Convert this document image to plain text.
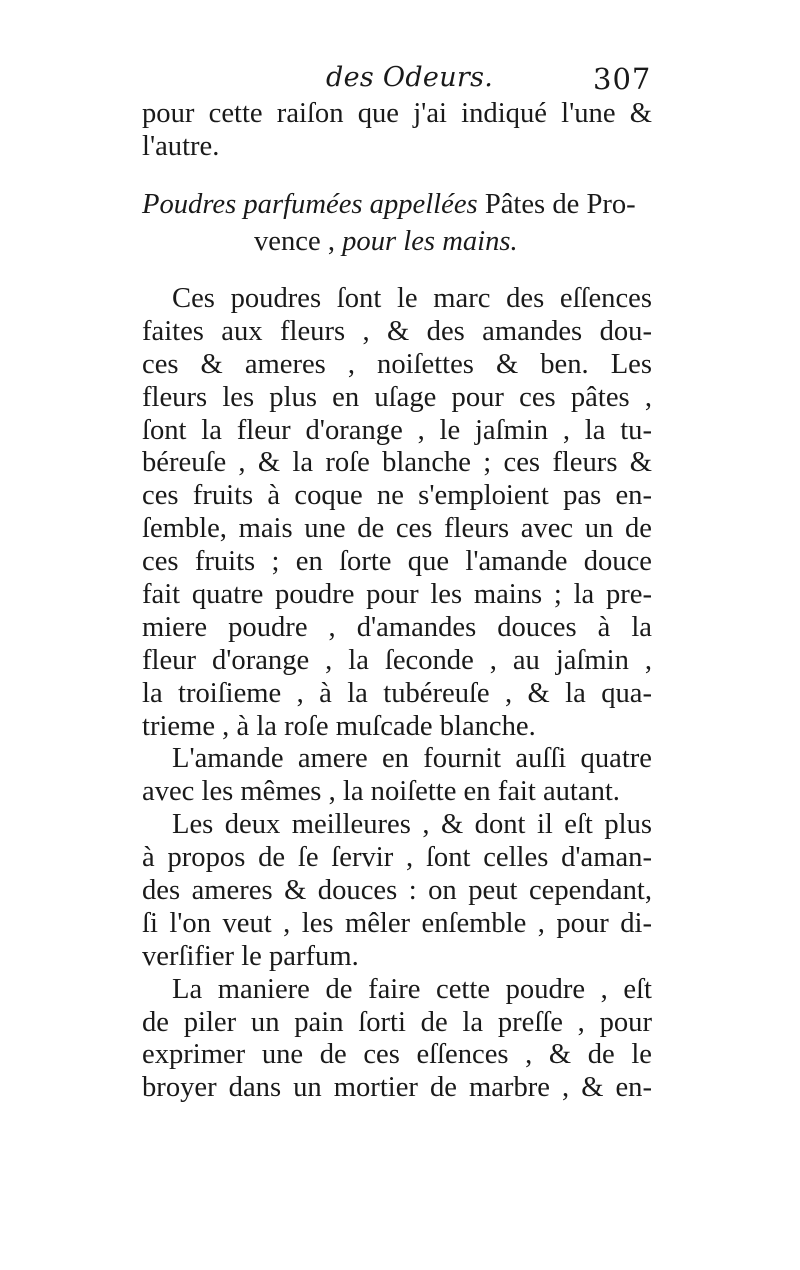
des Odeurs.	307
pour cette raiſon que j'ai indiqué l'une &
l'autre.
Poudres parfumées appellées Pâtes de Pro-
vence , pour les mains.
Ces poudres ſont le marc des eſſences
faites aux fleurs , & des amandes dou-
ces & ameres , noiſettes & ben. Les
fleurs les plus en uſage pour ces pâtes ,
ſont la fleur d'orange , le jaſmin , la tu-
béreuſe , & la roſe blanche ; ces fleurs &
ces fruits à coque ne s'emploient pas en-
ſemble, mais une de ces fleurs avec un de
ces fruits ; en ſorte que l'amande douce
fait quatre poudre pour les mains ; la pre-
miere poudre , d'amandes douces à la
fleur d'orange , la ſeconde , au jaſmin ,
la troiſieme , à la tubéreuſe , & la qua-
trieme , à la roſe muſcade blanche.
L'amande amere en fournit auſſi quatre
avec les mêmes , la noiſette en fait autant.
Les deux meilleures , & dont il eſt plus
à propos de ſe ſervir , ſont celles d'aman-
des ameres & douces : on peut cependant,
ſi l'on veut , les mêler enſemble , pour di-
verſifier le parfum.
La maniere de faire cette poudre , eſt
de piler un pain ſorti de la preſſe , pour
exprimer une de ces eſſences , & de le
broyer dans un mortier de marbre , & en-
